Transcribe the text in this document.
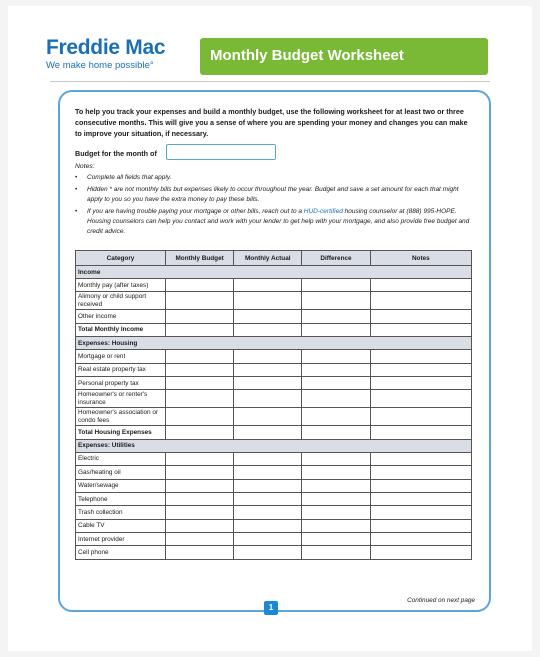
Freddie Mac
We make home possible°
Monthly Budget Worksheet
To help you track your expenses and build a monthly budget, use the following worksheet for at least two or three consecutive months. This will give you a sense of where you are spending your money and changes you can make to improve your situation, if necessary.
Budget for the month of
Notes:
• Complete all fields that apply.
• Hidden * are not monthly bills but expenses likely to occur throughout the year. Budget and save a set amount for each that might apply to you so you have the extra money to pay these bills.
• If you are having trouble paying your mortgage or other bills, reach out to a HUD-certified housing counselor at (888) 995-HOPE. Housing counselors can help you contact and work with your lender to get help with your mortgage, and also provide free budget and credit advice.
Category	Monthly Budget	Monthly Actual	Difference	Notes
Income				
Monthly pay (after taxes)				
Alimony or child support received				
Other income				
Total Monthly Income				
Expenses: Housing				
Mortgage or rent				
Real estate property tax				
Personal property tax				
Homeowner's or renter's insurance				
Homeowner's association or condo fees				
Total Housing Expenses				
Expenses: Utilities				
Electric				
Gas/heating oil				
Water/sewage				
Telephone				
Trash collection				
Cable TV				
Internet provider				
Cell phone				
Continued on next page
1
